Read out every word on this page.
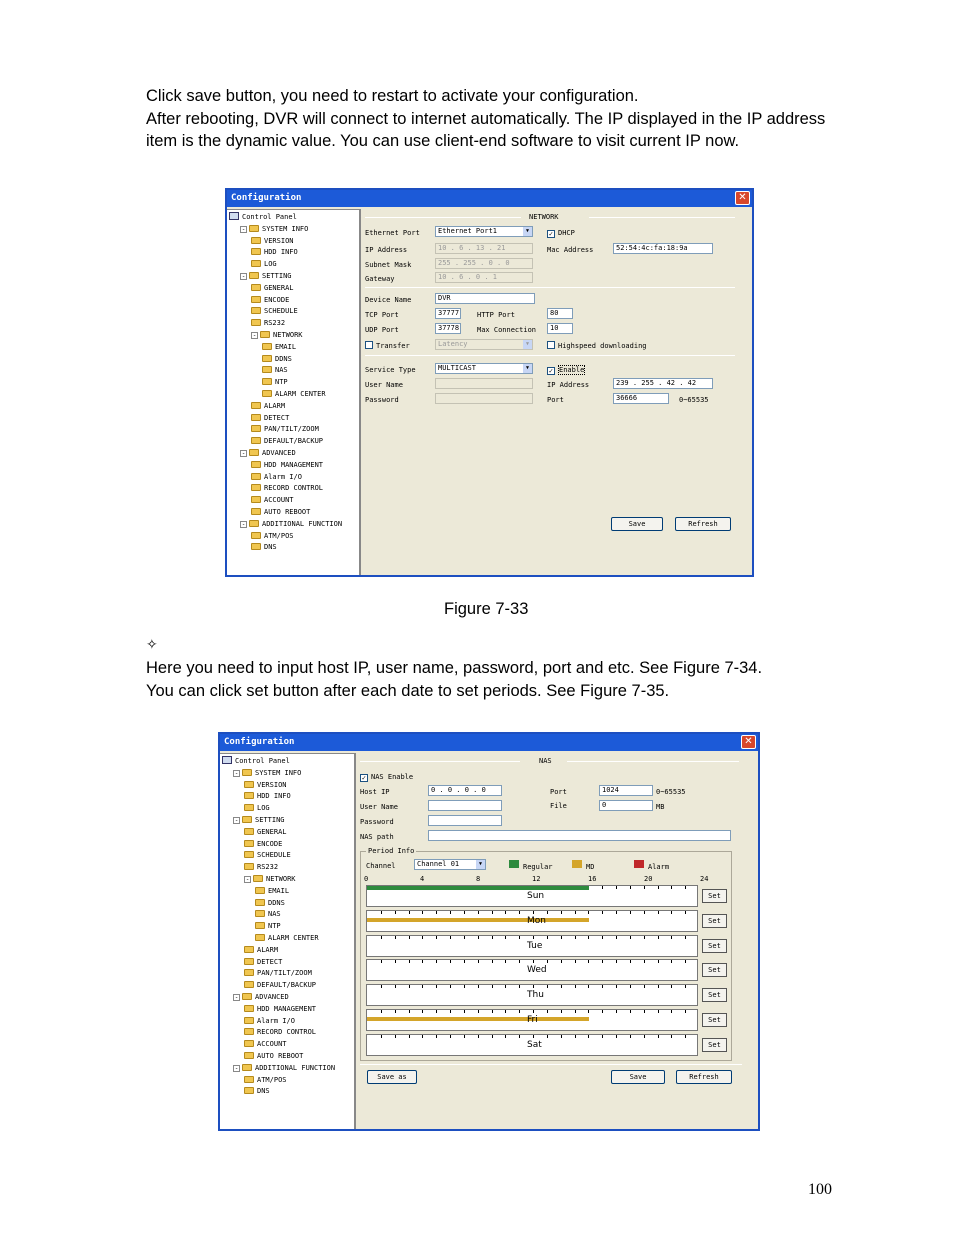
Click save button, you need to restart to activate your configuration.
After rebooting, DVR will connect to internet automatically. The IP displayed in the IP address item is the dynamic value. You can use client-end software to visit current IP now.
Configuration	✕
Control Panel
- SYSTEM INFO
VERSION
HDD INFO
LOG
- SETTING
GENERAL
ENCODE
SCHEDULE
RS232
- NETWORK
EMAIL
DDNS
NAS
NTP
ALARM CENTER
ALARM
DETECT
PAN/TILT/ZOOM
DEFAULT/BACKUP
- ADVANCED
HDD MANAGEMENT
Alarm I/O
RECORD CONTROL
ACCOUNT
AUTO REBOOT
- ADDITIONAL FUNCTION
ATM/POS
DNS
NETWORK
Ethernet Port	Ethernet Port1	▼	✓ DHCP
IP Address	10 . 6 . 13 . 21	Mac Address	52:54:4c:fa:18:9a
Subnet Mask	255 . 255 . 0 . 0
Gateway	10 . 6 . 0 . 1
Device Name	DVR
TCP Port	37777	HTTP Port	80
UDP Port	37778	Max Connection	10
Transfer	Latency	▼	Highspeed downloading
Service Type	MULTICAST	▼	✓ Enable
User Name	IP Address	239 . 255 . 42 . 42
Password	Port	36666	0~65535
Save	Refresh
Figure 7-33
✧
Here you need to input host IP, user name, password, port and etc. See Figure 7-34.
You can click set button after each date to set periods. See Figure 7-35.
Configuration	✕
Control Panel
- SYSTEM INFO
VERSION
HDD INFO
LOG
- SETTING
GENERAL
ENCODE
SCHEDULE
RS232
- NETWORK
EMAIL
DDNS
NAS
NTP
ALARM CENTER
ALARM
DETECT
PAN/TILT/ZOOM
DEFAULT/BACKUP
- ADVANCED
HDD MANAGEMENT
Alarm I/O
RECORD CONTROL
ACCOUNT
AUTO REBOOT
- ADDITIONAL FUNCTION
ATM/POS
DNS
NAS
✓ NAS Enable
Host IP	0 . 0 . 0 . 0	Port	1024	0~65535
User Name	File	0	MB
Password
NAS path
Period Info
Channel	Channel 01	▼
Save as	Save	Refresh
Regular	MD	Alarm
0	4	8	12	16	20	24
Sun	Set
Mon	Set
Tue	Set
Wed	Set
Thu	Set
Fri	Set
Sat	Set
100
